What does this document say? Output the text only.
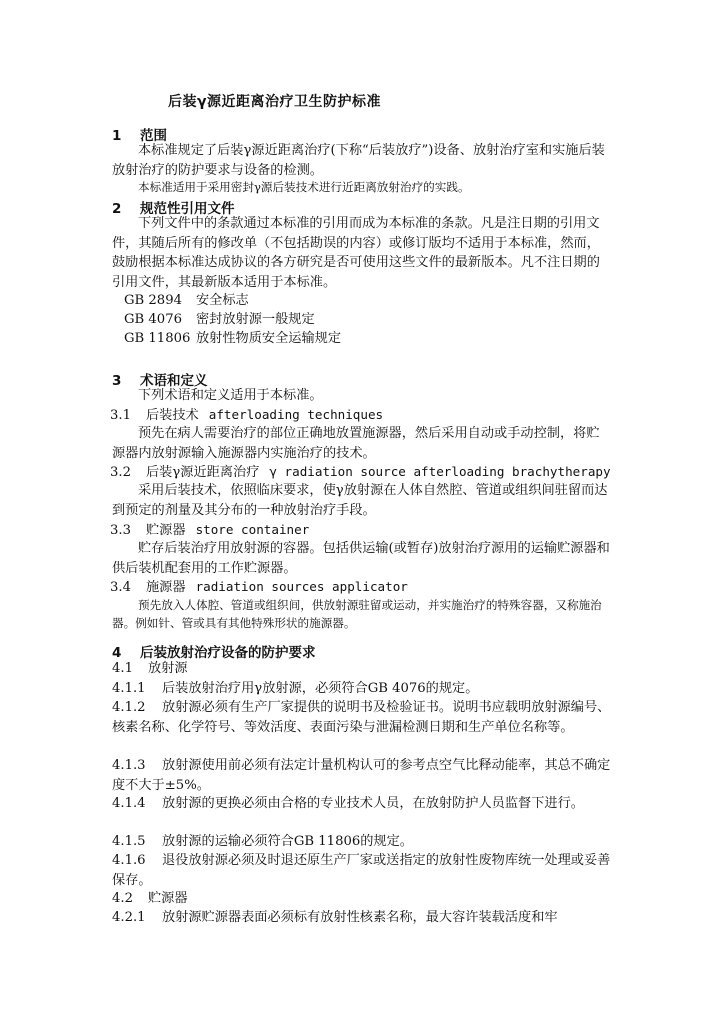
后装γ源近距离治疗卫生防护标准
1 范围
本标准规定了后装γ源近距离治疗(下称“后装放疗”)设备、放射治疗室和实施后装放射治疗的防护要求与设备的检测。
本标准适用于采用密封γ源后装技术进行近距离放射治疗的实践。
2 规范性引用文件
下列文件中的条款通过本标准的引用而成为本标准的条款。凡是注日期的引用文件，其随后所有的修改单（不包括勘误的内容）或修订版均不适用于本标准，然而，鼓励根据本标准达成协议的各方研究是否可使用这些文件的最新版本。凡不注日期的引用文件，其最新版本适用于本标准。
GB 2894 安全标志
GB 4076 密封放射源一般规定
GB 11806 放射性物质安全运输规定
3 术语和定义
下列术语和定义适用于本标准。
3.1 后装技术 afterloading techniques
预先在病人需要治疗的部位正确地放置施源器，然后采用自动或手动控制，将贮源器内放射源输入施源器内实施治疗的技术。
3.2 后装γ源近距离治疗 γ radiation source afterloading brachytherapy
采用后装技术，依照临床要求，使γ放射源在人体自然腔、管道或组织间驻留而达到预定的剂量及其分布的一种放射治疗手段。
3.3 贮源器 store container
贮存后装治疗用放射源的容器。包括供运输(或暂存)放射治疗源用的运输贮源器和供后装机配套用的工作贮源器。
3.4 施源器 radiation sources applicator
预先放入人体腔、管道或组织间，供放射源驻留或运动，并实施治疗的特殊容器，又称施治器。例如针、管或具有其他特殊形状的施源器。
4 后装放射治疗设备的防护要求
4.1 放射源
4.1.1 后装放射治疗用γ放射源，必须符合GB 4076的规定。
4.1.2 放射源必须有生产厂家提供的说明书及检验证书。说明书应载明放射源编号、核素名称、化学符号、等效活度、表面污染与泄漏检测日期和生产单位名称等。
4.1.3 放射源使用前必须有法定计量机构认可的参考点空气比释动能率，其总不确定度不大于±5%。
4.1.4 放射源的更换必须由合格的专业技术人员，在放射防护人员监督下进行。
4.1.5 放射源的运输必须符合GB 11806的规定。
4.1.6 退役放射源必须及时退还原生产厂家或送指定的放射性废物库统一处理或妥善保存。
4.2 贮源器
4.2.1 放射源贮源器表面必须标有放射性核素名称，最大容许装载活度和牢
